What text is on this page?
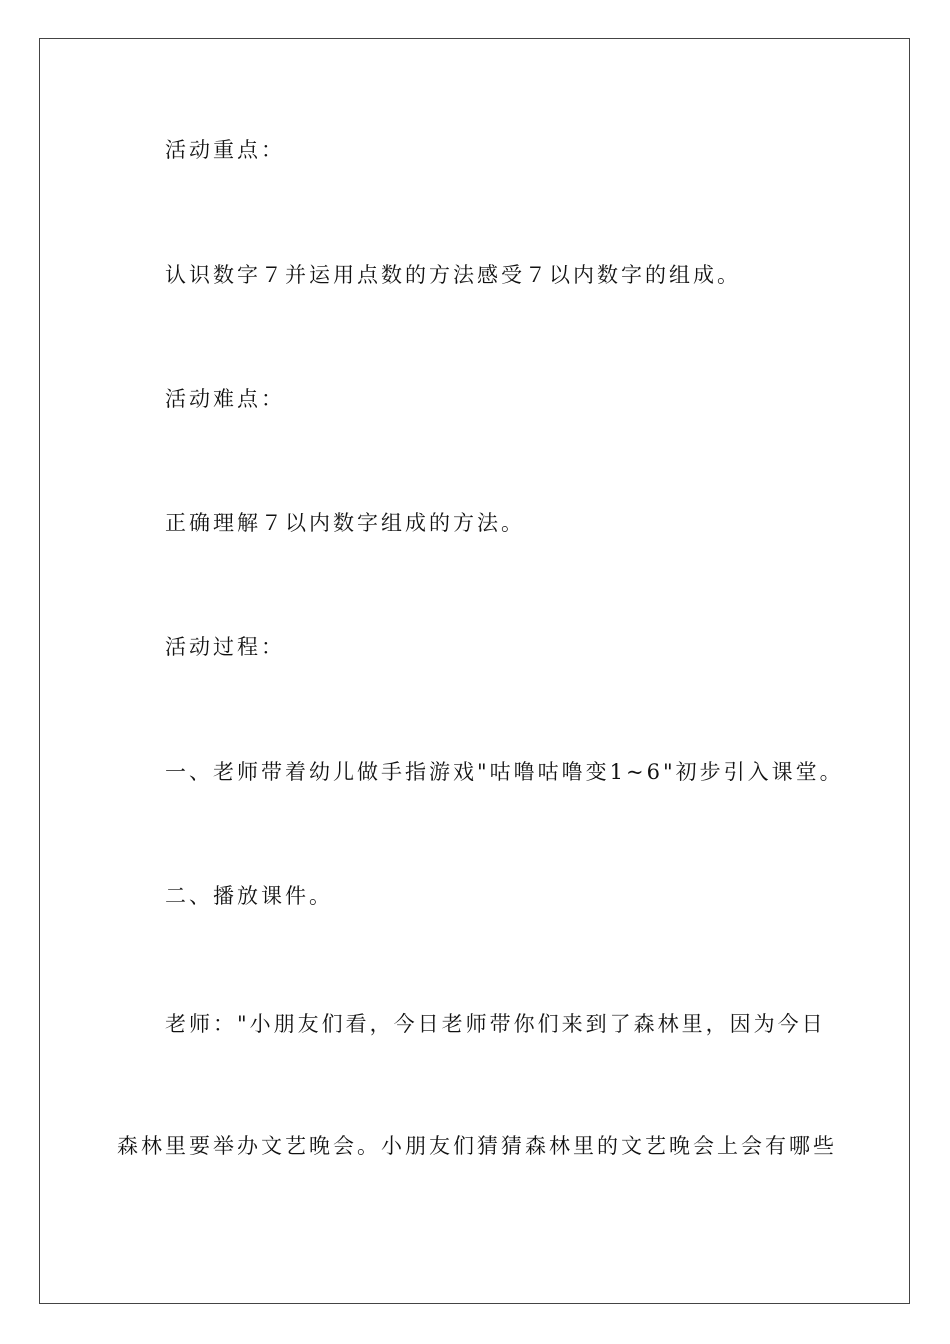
活动重点：
认识数字７并运用点数的方法感受７以内数字的组成。
活动难点：
正确理解７以内数字组成的方法。
活动过程：
一、老师带着幼儿做手指游戏"咕噜咕噜变1~6"初步引入课堂。
二、播放课件。
老师："小朋友们看，今日老师带你们来到了森林里，因为今日
森林里要举办文艺晚会。小朋友们猜猜森林里的文艺晚会上会有哪些
